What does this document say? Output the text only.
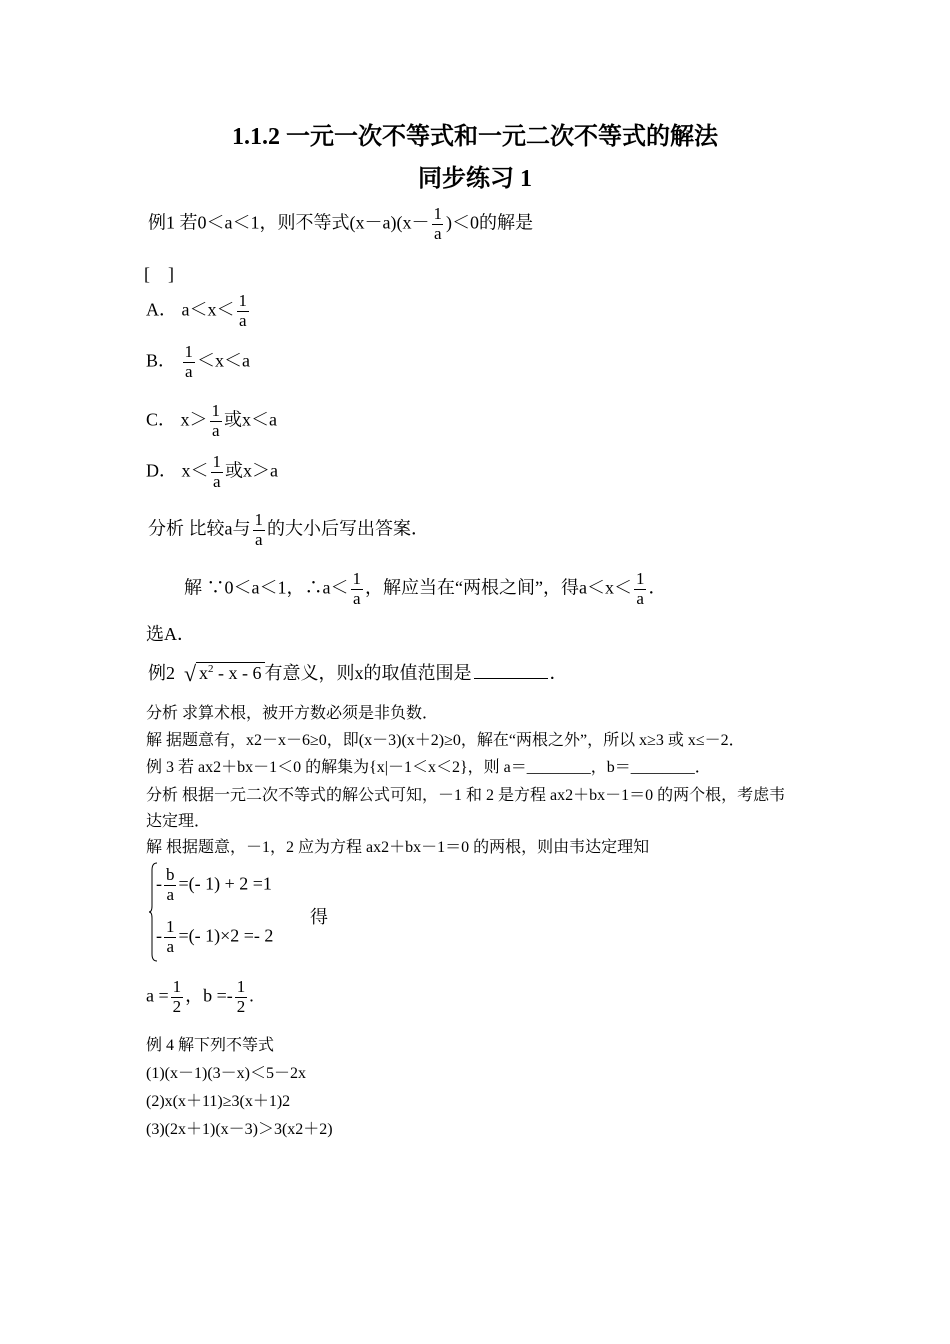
1.1.2 一元一次不等式和一元二次不等式的解法
同步练习 1
例1 若0＜a＜1，则不等式$(x-a)(x- \frac{1}{a} )<0$的解是
[　]
A． $a<x< \frac{1}{a}$
B． $\frac{1}{a} <x<a$
C． $x> \frac{1}{a}$ 或x＜a
D． $x< \frac{1}{a}$ 或x＞a
分析 比较a与 $\frac{1}{a}$ 的大小后写出答案．
解 ∵0＜a＜1，∴a＜ $\frac{1}{a}$ ，解应当在“两根之间”，得$a<x< \frac{1}{a}$ ．
选A．
例2 √ $x^2$ - x - 6 有意义，则x的取值范围是	．
分析 求算术根，被开方数必须是非负数．
解 据题意有，x2－x－6≥0，即(x－3)(x＋2)≥0，解在“两根之外”，所以 x≥3 或 x≤－2．
例 3 若 ax2＋bx－1＜0 的解集为{x|－1＜x＜2}，则 a＝________，b＝________．
分析 根据一元二次不等式的解公式可知，－1 和 2 是方程 ax2＋bx－1＝0 的两个根，考虑韦
达定理．
解 根据题意，－1，2 应为方程 ax2＋bx－1＝0 的两根，则由韦达定理知
- $\frac{b}{a}$ =(- 1) + 2 =1
- $\frac{1}{a}$ =(- 1)×2 =- 2
得
$a = \frac{1}{2}$ ，$b =- \frac{1}{2}$ .
例 4 解下列不等式
(1)(x－1)(3－x)＜5－2x
(2)x(x＋11)≥3(x＋1)2
(3)(2x＋1)(x－3)＞3(x2＋2)
